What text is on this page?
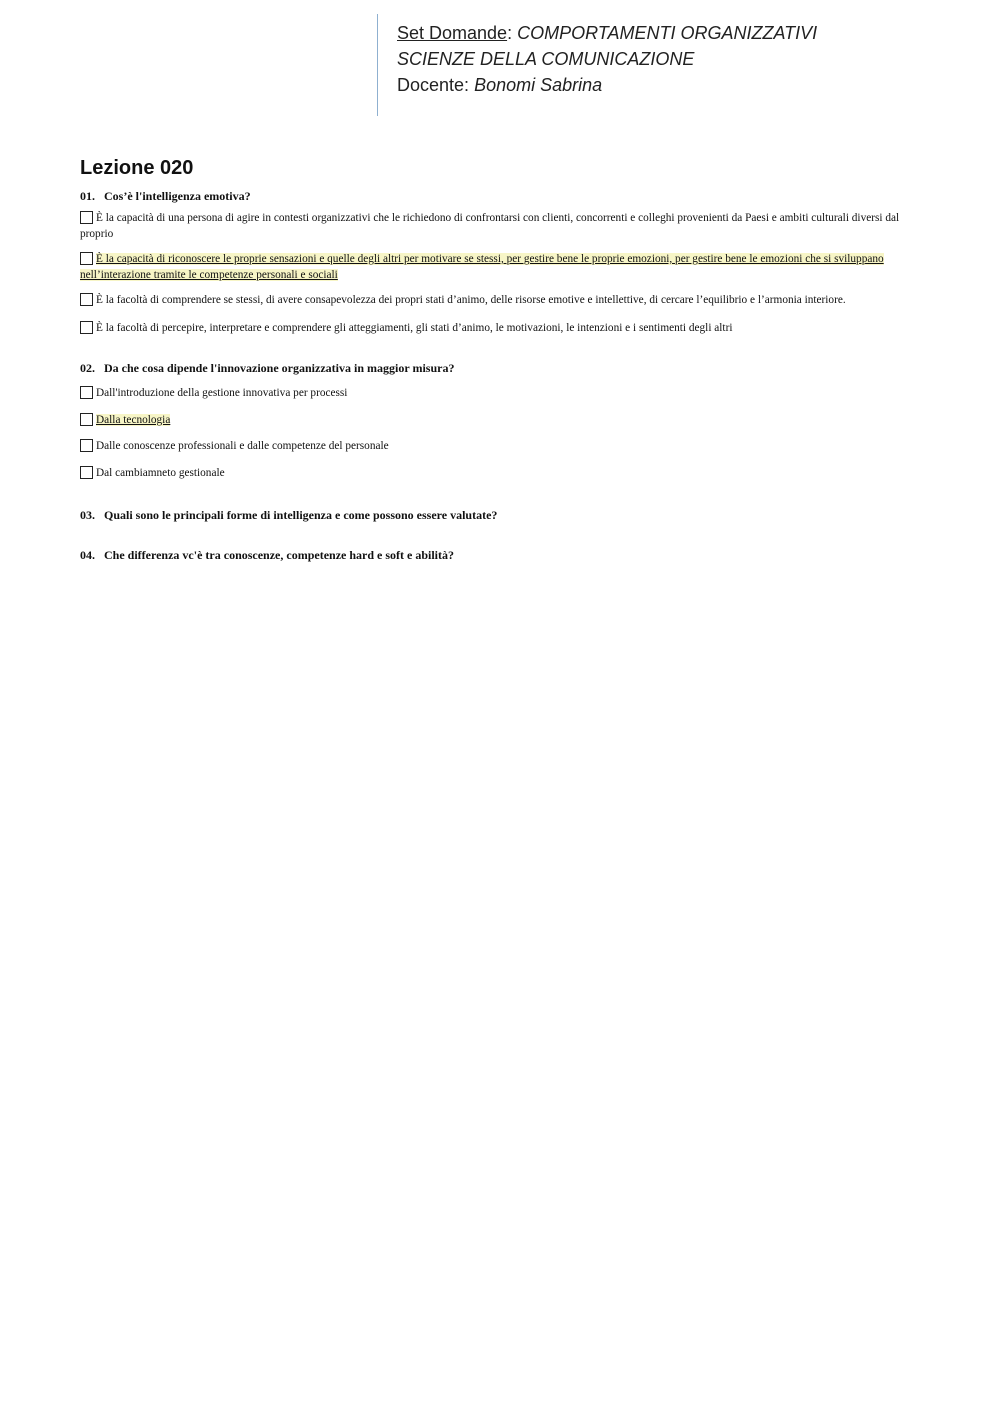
Set Domande: COMPORTAMENTI ORGANIZZATIVI
SCIENZE DELLA COMUNICAZIONE
Docente: Bonomi Sabrina
Lezione 020

01. Cos’è l'intelligenza emotiva?

È la capacità di una persona di agire in contesti organizzativi che le richiedono di confrontarsi con clienti, concorrenti e colleghi provenienti da Paesi e ambiti culturali diversi dal proprio
È la capacità di riconoscere le proprie sensazioni e quelle degli altri per motivare se stessi, per gestire bene le proprie emozioni, per gestire bene le emozioni che si sviluppano nell’interazione tramite le competenze personali e sociali
È la facoltà di comprendere se stessi, di avere consapevolezza dei propri stati d’animo, delle risorse emotive e intellettive, di cercare l’equilibrio e l’armonia interiore.
È la facoltà di percepire, interpretare e comprendere gli atteggiamenti, gli stati d’animo, le motivazioni, le intenzioni e i sentimenti degli altri

02. Da che cosa dipende l'innovazione organizzativa in maggior misura?

Dall'introduzione della gestione innovativa per processi
Dalla tecnologia
Dalle conoscenze professionali e dalle competenze del personale
Dal cambiamneto gestionale

03. Quali sono le principali forme di intelligenza e come possono essere valutate?

04. Che differenza vc'è tra conoscenze, competenze hard e soft e abilità?
